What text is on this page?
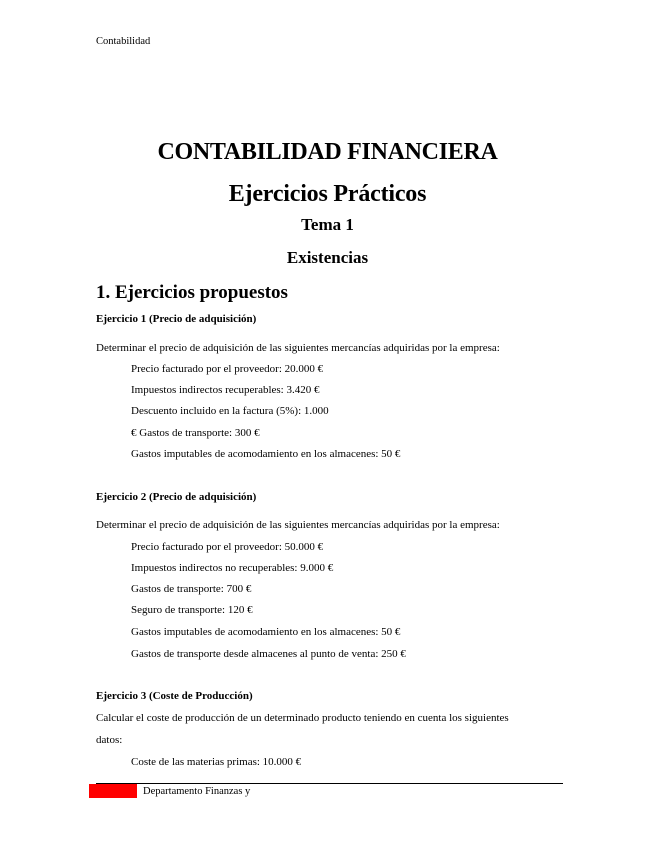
Contabilidad
CONTABILIDAD FINANCIERA
Ejercicios Prácticos
Tema 1
Existencias
1. Ejercicios propuestos
Ejercicio 1 (Precio de adquisición)
Determinar el precio de adquisición de las siguientes mercancías adquiridas por la empresa:
Precio facturado por el proveedor: 20.000 €
Impuestos indirectos recuperables: 3.420 €
Descuento incluido en la factura (5%): 1.000
€ Gastos de transporte: 300 €
Gastos imputables de acomodamiento en los almacenes: 50 €
Ejercicio 2 (Precio de adquisición)
Determinar el precio de adquisición de las siguientes mercancías adquiridas por la empresa:
Precio facturado por el proveedor: 50.000 €
Impuestos indirectos no recuperables: 9.000 €
Gastos de transporte: 700 €
Seguro de transporte: 120 €
Gastos imputables de acomodamiento en los almacenes: 50 €
Gastos de transporte desde almacenes al punto de venta: 250 €
Ejercicio 3 (Coste de Producción)
Calcular el coste de producción de un determinado producto teniendo en cuenta los siguientes
datos:
Coste de las materias primas: 10.000 €
Departamento Finanzas y
